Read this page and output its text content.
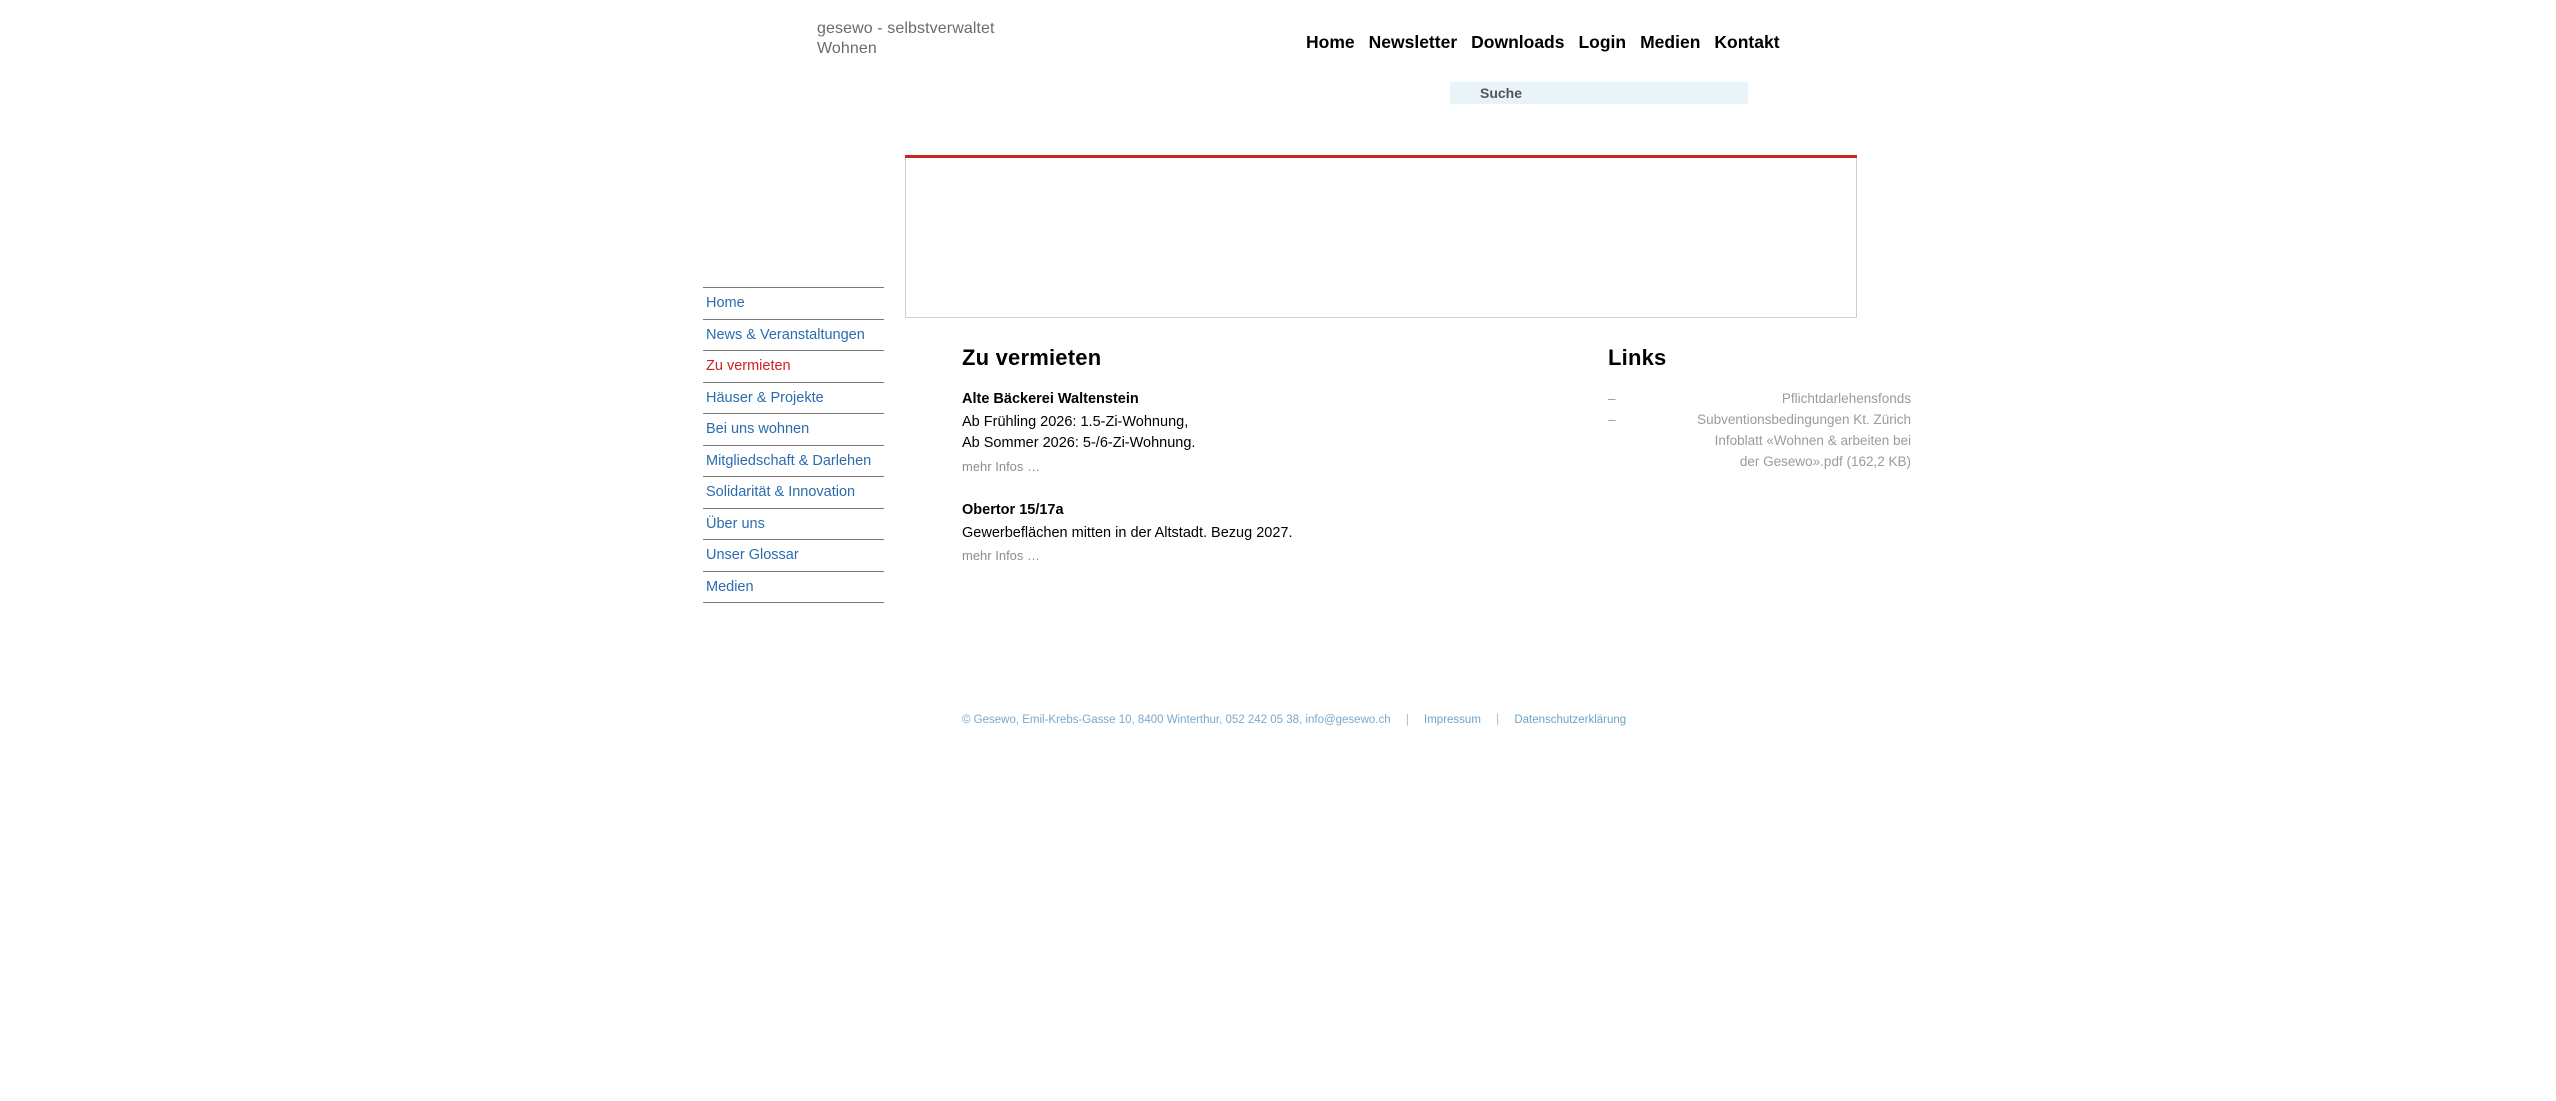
gesewo - selbstverwaltet Wohnen	Home Newsletter Downloads Login Medien Kontakt
Suche
Home
News & Veranstaltungen
Zu vermieten
Häuser & Projekte
Bei uns wohnen
Mitgliedschaft & Darlehen
Solidarität & Innovation
Über uns
Unser Glossar
Medien
Zu vermieten
Alte Bäckerei Waltenstein
Ab Frühling 2026: 1.5-Zi-Wohnung,
Ab Sommer 2026: 5-/6-Zi-Wohnung.
mehr Infos …
Obertor 15/17a
Gewerbeflächen mitten in der Altstadt. Bezug 2027.
mehr Infos …
Links
–	Pflichtdarlehensfonds
–	Subventionsbedingungen Kt. Zürich
Infoblatt «Wohnen & arbeiten bei
der Gesewo».pdf (162,2 KB)
© Gesewo, Emil-Krebs-Gasse 10, 8400 Winterthur, 052 242 05 38, info@gesewo.ch | Impressum | Datenschutzerklärung
